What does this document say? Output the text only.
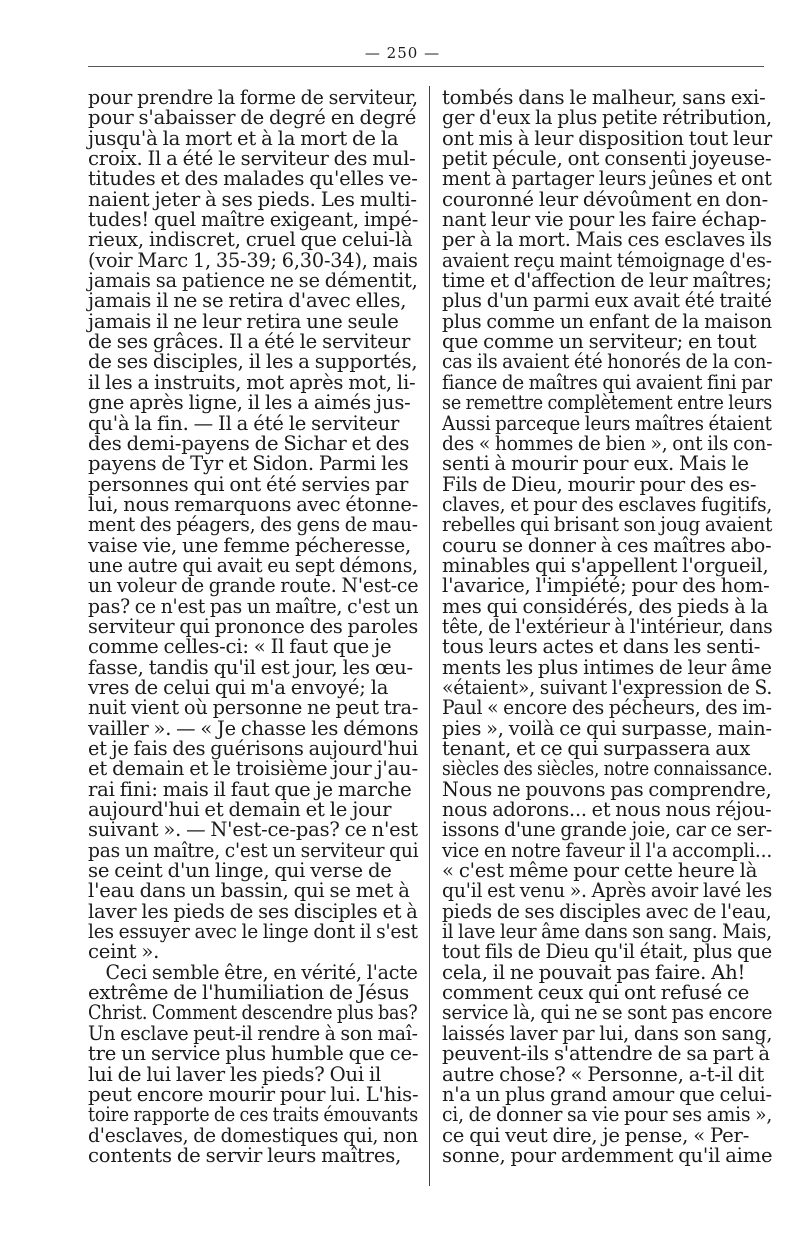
— 250 —
pour prendre la forme de serviteur,
pour s'abaisser de degré en degré
jusqu'à la mort et à la mort de la
croix. Il a été le serviteur des mul-
titudes et des malades qu'elles ve-
naient jeter à ses pieds. Les multi-
tudes! quel maître exigeant, impé-
rieux, indiscret, cruel que celui-là
(voir Marc 1, 35-39; 6,30-34), mais
jamais sa patience ne se démentit,
jamais il ne se retira d'avec elles,
jamais il ne leur retira une seule
de ses grâces. Il a été le serviteur
de ses disciples, il les a supportés,
il les a instruits, mot après mot, li-
gne après ligne, il les a aimés jus-
qu'à la fin. — Il a été le serviteur
des demi-payens de Sichar et des
payens de Tyr et Sidon. Parmi les
personnes qui ont été servies par
lui, nous remarquons avec étonne-
ment des péagers, des gens de mau-
vaise vie, une femme pécheresse,
une autre qui avait eu sept démons,
un voleur de grande route. N'est-ce
pas? ce n'est pas un maître, c'est un
serviteur qui prononce des paroles
comme celles-ci: « Il faut que je
fasse, tandis qu'il est jour, les œu-
vres de celui qui m'a envoyé; la
nuit vient où personne ne peut tra-
vailler ». — « Je chasse les démons
et je fais des guérisons aujourd'hui
et demain et le troisième jour j'au-
rai fini: mais il faut que je marche
aujourd'hui et demain et le jour
suivant ». — N'est-ce-pas? ce n'est
pas un maître, c'est un serviteur qui
se ceint d'un linge, qui verse de
l'eau dans un bassin, qui se met à
laver les pieds de ses disciples et à
les essuyer avec le linge dont il s'est
ceint ».
Ceci semble être, en vérité, l'acte
extrême de l'humiliation de Jésus
Christ. Comment descendre plus bas?
Un esclave peut-il rendre à son maî-
tre un service plus humble que ce-
lui de lui laver les pieds? Oui il
peut encore mourir pour lui. L'his-
toire rapporte de ces traits émouvants
d'esclaves, de domestiques qui, non
contents de servir leurs maîtres,
tombés dans le malheur, sans exi-
ger d'eux la plus petite rétribution,
ont mis à leur disposition tout leur
petit pécule, ont consenti joyeuse-
ment à partager leurs jeûnes et ont
couronné leur dévoûment en don-
nant leur vie pour les faire échap-
per à la mort. Mais ces esclaves ils
avaient reçu maint témoignage d'es-
time et d'affection de leur maîtres;
plus d'un parmi eux avait été traité
plus comme un enfant de la maison
que comme un serviteur; en tout
cas ils avaient été honorés de la con-
fiance de maîtres qui avaient fini par
se remettre complètement entre leurs
Aussi parceque leurs maîtres étaient
des « hommes de bien », ont ils con-
senti à mourir pour eux. Mais le
Fils de Dieu, mourir pour des es-
claves, et pour des esclaves fugitifs,
rebelles qui brisant son joug avaient
couru se donner à ces maîtres abo-
minables qui s'appellent l'orgueil,
l'avarice, l'impiété; pour des hom-
mes qui considérés, des pieds à la
tête, de l'extérieur à l'intérieur, dans
tous leurs actes et dans les senti-
ments les plus intimes de leur âme
«étaient», suivant l'expression de S.
Paul « encore des pécheurs, des im-
pies », voilà ce qui surpasse, main-
tenant, et ce qui surpassera aux
siècles des siècles, notre connaissance.
Nous ne pouvons pas comprendre,
nous adorons... et nous nous réjou-
issons d'une grande joie, car ce ser-
vice en notre faveur il l'a accompli...
« c'est même pour cette heure là
qu'il est venu ». Après avoir lavé les
pieds de ses disciples avec de l'eau,
il lave leur âme dans son sang. Mais,
tout fils de Dieu qu'il était, plus que
cela, il ne pouvait pas faire. Ah!
comment ceux qui ont refusé ce
service là, qui ne se sont pas encore
laissés laver par lui, dans son sang,
peuvent-ils s'attendre de sa part à
autre chose? « Personne, a-t-il dit
n'a un plus grand amour que celui-
ci, de donner sa vie pour ses amis »,
ce qui veut dire, je pense, « Per-
sonne, pour ardemment qu'il aime
